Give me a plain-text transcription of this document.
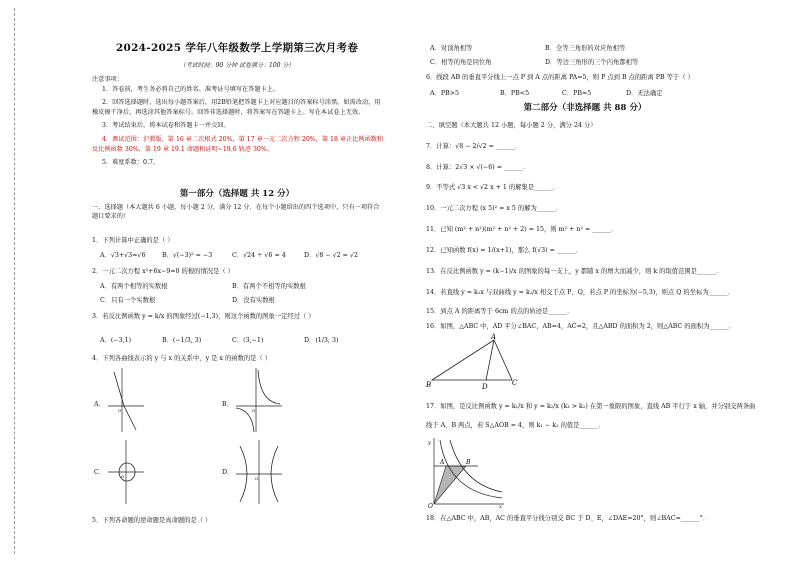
2024-2025 学年八年级数学上学期第三次月考卷
（考试时间：90 分钟 试卷满分：100 分）
注意事项：

1．答卷前，考生务必将自己的姓名、准考证号填写在答题卡上。

2．回答选择题时，选出每小题答案后，用2B铅笔把答题卡上对应题目的答案标号涂黑。如需改动，用橡皮擦干净后，再选涂其他答案标号。回答非选择题时，将答案写在答题卡上。写在本试卷上无效。

3．考试结束后，将本试卷和答题卡一并交回。

4．测试范围：沪教版。第 16 章二次根式 20%，第 17 章一元二次方程 20%，第 18 章正比例函数和反比例函数 30%，第 19 章 19.1 命题和证明~19.6 轨迹 30%。

5．难度系数：0.7。

第一部分（选择题 共 12 分）
一、选择题（本大题共 6 小题，每小题 2 分，满分 12 分．在每个小题给出的四个选项中，只有一项符合题目要求的）
1．下列计算中正确的是（ ）
A．√3+√3=√6	B．√(−3)² = −3	C．√24 ÷ √6 = 4	D．√8 − √2 = √2
2．一元二次方程 x²+6x−9=0 的根的情况是（ ）
A．有两个相等的实数根	B．有两个不相等的实数根
C．只有一个实数根	D．没有实数根
3．若反比例函数 y = k/x 的图象经过(−1,3)，则这个函数的图象一定经过（ ）
A．(−3,1)	B．(−1/3, 3)	C．(3,−1)	D．(1/3, 3)
4．下列各曲线表示的 y 与 x 的关系中，y 是 x 的函数的是（ ）
A．	B．
C．	D．
O	O
O	O
5．下列各命题的逆命题是真命题的是（ ）
A．对顶角相等	B．全等三角形的对应角相等
C．相等的角是同位角	D．等边三角形的三个内角都相等
6．线段 AB 的垂直平分线上一点 P 到 A 点的距离 PA=5，则 P 点到 B 点的距离 PB 等于（ ）
A．PB>5	B．PB<5	C．PB=5	D．无法确定
第二部分（非选择题 共 88 分）
二、填空题（本大题共 12 小题，每小题 2 分，满分 24 分）
7．计算：√8 − 2/√2 = ______．
8．计算：2√3 × √(−6) = ______．
9．不等式 √3 x < √2 x + 1 的解集是______．
10．一元二次方程 (x 5)² = x 5 的解为______．
11．已知 (m² + n²)(m² + n² + 2) = 15，则 m² + n² = ______．
12．已知函数 f(x) = 1/(x+1)，那么 f(√3) = ______．
13．在反比例函数 y = (k−1)/x 的图象的每一支上，y 都随 x 的增大而减少，则 k 的取值范围是______．
14．若直线 y = k₁x 与双曲线 y = k₂/x 相交于点 P、Q，若点 P 的坐标为(−5,3)，则点 Q 的坐标为______．
15．到点 A 的距离等于 6cm 的点的轨迹是______．
16．如图，△ABC 中，AD 平分∠BAC，AB=4，AC=2，且△ABD 的面积为 2，则△ABC 的面积为______．
A
B	C
D
17．如图，是反比例函数 y = k₁/x 和 y = k₂/x (k₁ > k₂) 在第一象限的图象，直线 AB 平行于 x 轴，并分别交两条曲
线于 A、B 两点，若 S△AOB = 4，则 k₁ − k₂ 的值是______．
A	B
O
y
x
18．在△ABC 中，AB，AC 的垂直平分线分别交 BC 于 D、E，∠DAE=20°，则∠BAC=______°．
